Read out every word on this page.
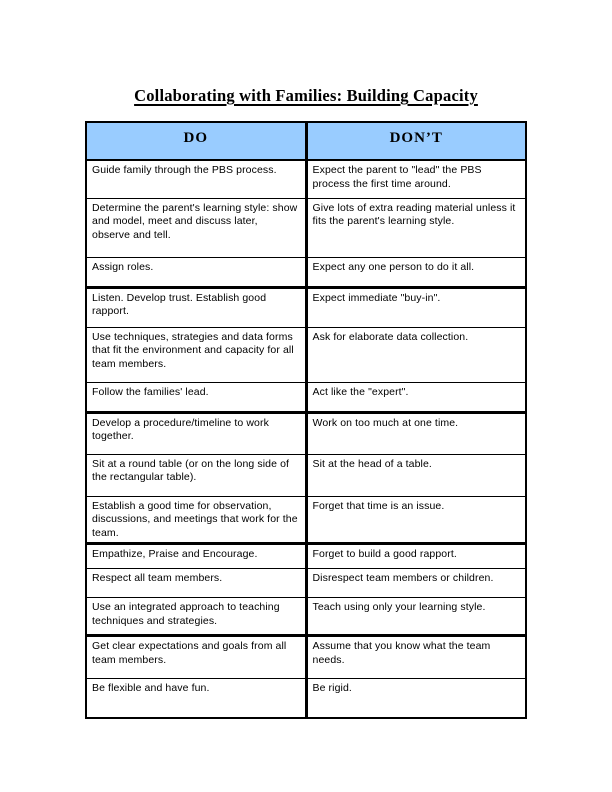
Collaborating with Families: Building Capacity
DO	DON’T
Guide family through the PBS process.	Expect the parent to "lead" the PBS process the first time around.
Determine the parent's learning style: show and model, meet and discuss later, observe and tell.	Give lots of extra reading material unless it fits the parent's learning style.
Assign roles.	Expect any one person to do it all.
Listen. Develop trust. Establish good rapport.	Expect immediate "buy-in".
Use techniques, strategies and data forms that fit the environment and capacity for all team members.	Ask for elaborate data collection.
Follow the families' lead.	Act like the "expert".
Develop a procedure/timeline to work together.	Work on too much at one time.
Sit at a round table (or on the long side of the rectangular table).	Sit at the head of a table.
Establish a good time for observation, discussions, and meetings that work for the team.	Forget that time is an issue.
Empathize, Praise and Encourage.	Forget to build a good rapport.
Respect all team members.	Disrespect team members or children.
Use an integrated approach to teaching techniques and strategies.	Teach using only your learning style.
Get clear expectations and goals from all team members.	Assume that you know what the team needs.
Be flexible and have fun.	Be rigid.
